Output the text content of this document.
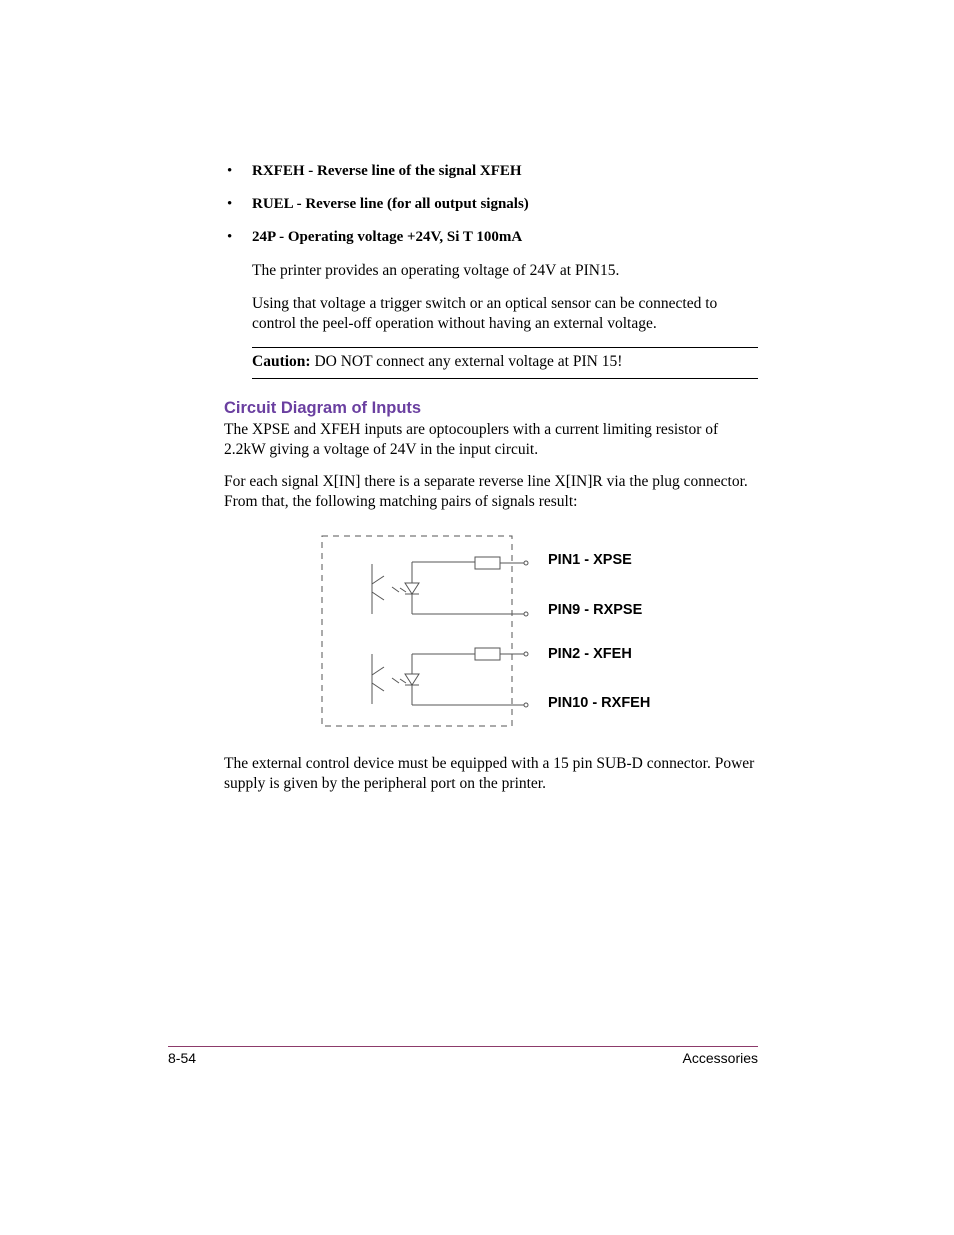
• RXFEH - Reverse line of the signal XFEH
• RUEL - Reverse line (for all output signals)
• 24P - Operating voltage +24V, Si T 100mA
The printer provides an operating voltage of 24V at PIN15.
Using that voltage a trigger switch or an optical sensor can be connected to control the peel-off operation without having an external voltage.
Caution: DO NOT connect any external voltage at PIN 15!
Circuit Diagram of Inputs
The XPSE and XFEH inputs are optocouplers with a current limiting resistor of 2.2kW giving a voltage of 24V in the input circuit.
For each signal X[IN] there is a separate reverse line X[IN]R via the plug connector. From that, the following matching pairs of signals result:
PIN1 - XPSE
PIN9 - RXPSE
PIN2 - XFEH
PIN10 - RXFEH
The external control device must be equipped with a 15 pin SUB-D connector. Power supply is given by the peripheral port on the printer.
8-54	Accessories
